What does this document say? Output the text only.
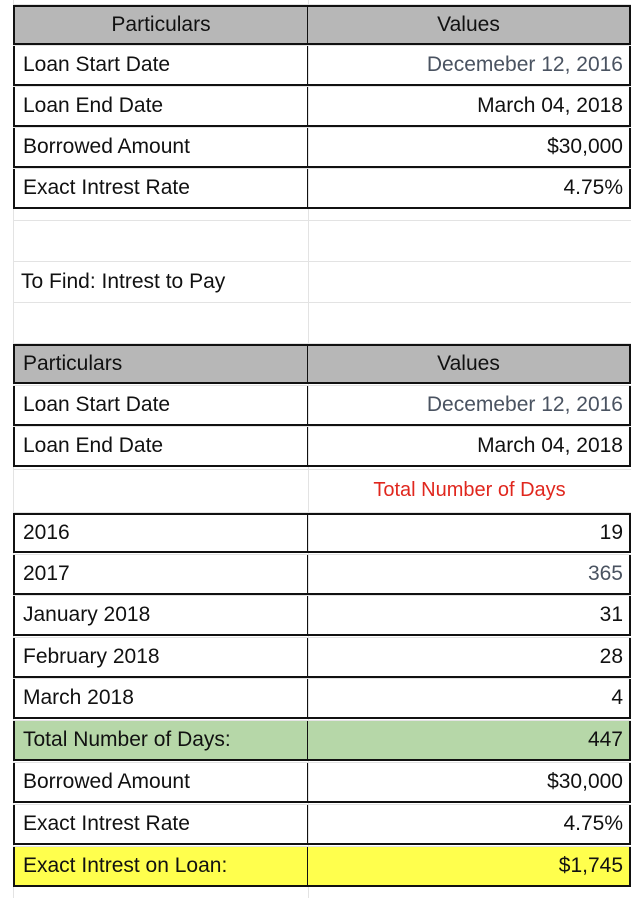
Particulars	Values
Loan Start Date	Decemeber 12, 2016
Loan End Date	March 04, 2018
Borrowed Amount	$30,000
Exact Intrest Rate	4.75%
To Find: Intrest to Pay
Particulars	Values
Loan Start Date	Decemeber 12, 2016
Loan End Date	March 04, 2018
Total Number of Days
2016	19
2017	365
January 2018	31
February 2018	28
March 2018	4
Total Number of Days:	447
Borrowed Amount	$30,000
Exact Intrest Rate	4.75%
Exact Intrest on Loan:	$1,745
